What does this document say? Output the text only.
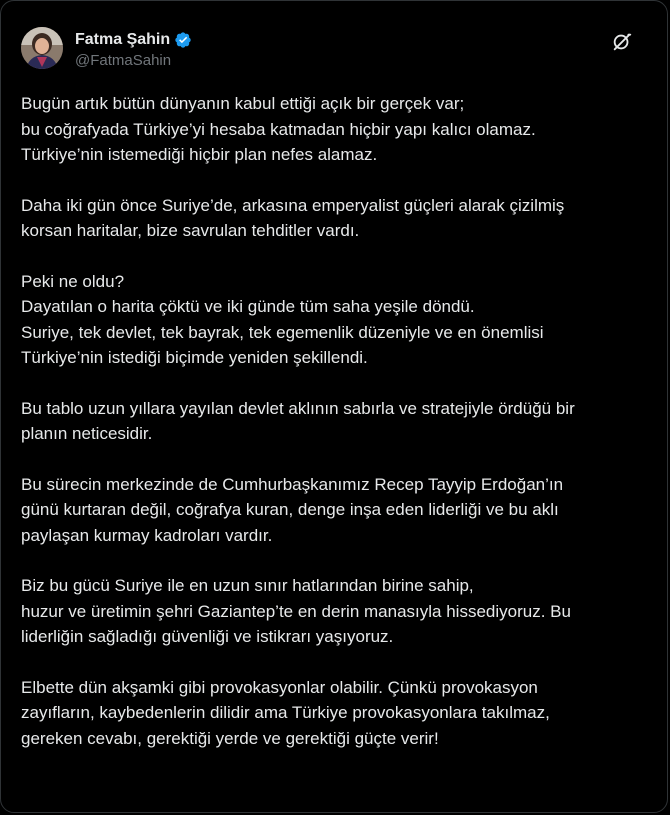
Fatma Şahin
@FatmaSahin

Bugün artık bütün dünyanın kabul ettiği açık bir gerçek var;
bu coğrafyada Türkiye’yi hesaba katmadan hiçbir yapı kalıcı olamaz.
Türkiye’nin istemediği hiçbir plan nefes alamaz.

Daha iki gün önce Suriye’de, arkasına emperyalist güçleri alarak çizilmiş
korsan haritalar, bize savrulan tehditler vardı.

Peki ne oldu?
Dayatılan o harita çöktü ve iki günde tüm saha yeşile döndü.
Suriye, tek devlet, tek bayrak, tek egemenlik düzeniyle ve en önemlisi
Türkiye’nin istediği biçimde yeniden şekillendi.

Bu tablo uzun yıllara yayılan devlet aklının sabırla ve stratejiyle ördüğü bir
planın neticesidir.

Bu sürecin merkezinde de Cumhurbaşkanımız Recep Tayyip Erdoğan’ın
günü kurtaran değil, coğrafya kuran, denge inşa eden liderliği ve bu aklı
paylaşan kurmay kadroları vardır.

Biz bu gücü Suriye ile en uzun sınır hatlarından birine sahip,
huzur ve üretimin şehri Gaziantep’te en derin manasıyla hissediyoruz. Bu
liderliğin sağladığı güvenliği ve istikrarı yaşıyoruz.

Elbette dün akşamki gibi provokasyonlar olabilir. Çünkü provokasyon
zayıfların, kaybedenlerin dilidir ama Türkiye provokasyonlara takılmaz,
gereken cevabı, gerektiği yerde ve gerektiği güçte verir!
